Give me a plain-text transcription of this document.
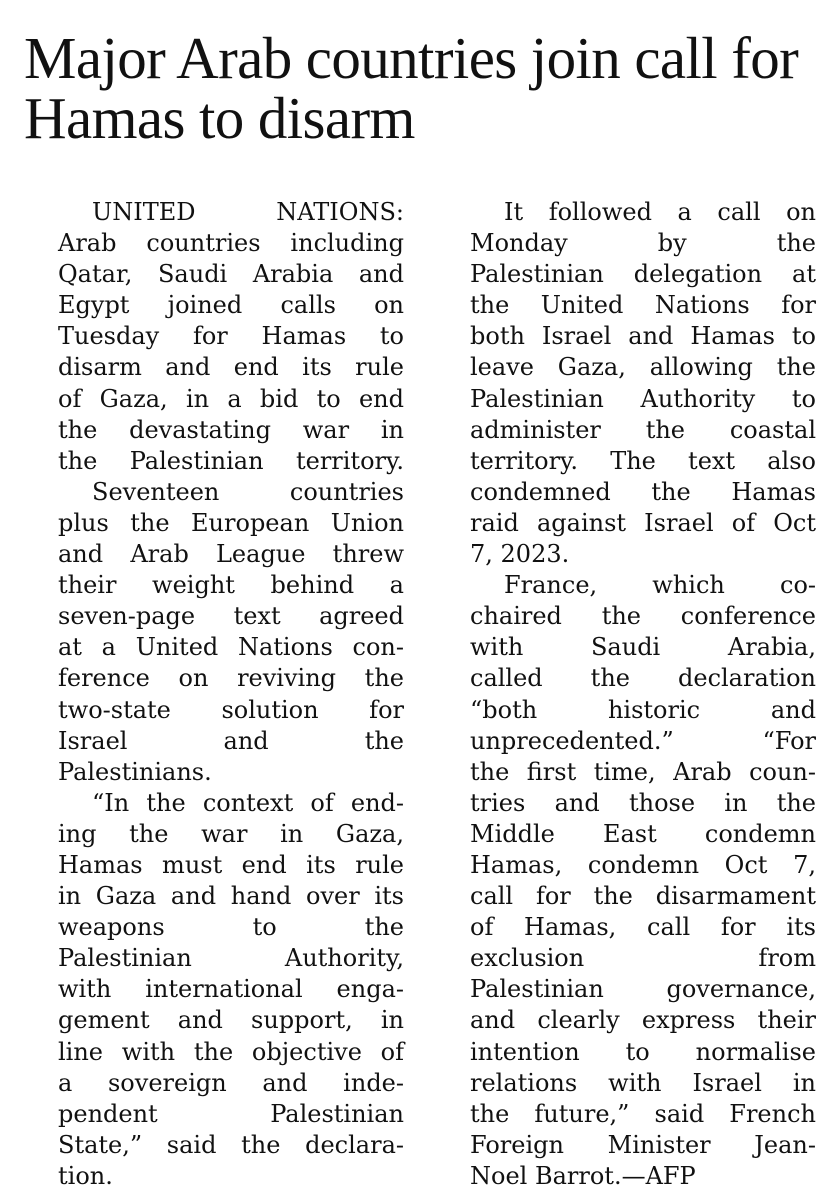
Major Arab countries join call for Hamas to disarm

UNITED NATIONS:
Arab countries including
Qatar, Saudi Arabia and
Egypt joined calls on
Tuesday for Hamas to
disarm and end its rule
of Gaza, in a bid to end
the devastating war in
the Palestinian territory.

Seventeen countries
plus the European Union
and Arab League threw
their weight behind a
seven-page text agreed
at a United Nations con-
ference on reviving the
two-state solution for
Israel and the
Palestinians.

“In the context of end-
ing the war in Gaza,
Hamas must end its rule
in Gaza and hand over its
weapons to the
Palestinian Authority,
with international enga-
gement and support, in
line with the objective of
a sovereign and inde-
pendent Palestinian
State,” said the declara-
tion.

It followed a call on
Monday by the
Palestinian delegation at
the United Nations for
both Israel and Hamas to
leave Gaza, allowing the
Palestinian Authority to
administer the coastal
territory. The text also
condemned the Hamas
raid against Israel of Oct
7, 2023.

France, which co-
chaired the conference
with Saudi Arabia,
called the declaration
“both historic and
unprecedented.” “For
the first time, Arab coun-
tries and those in the
Middle East condemn
Hamas, condemn Oct 7,
call for the disarmament
of Hamas, call for its
exclusion from
Palestinian governance,
and clearly express their
intention to normalise
relations with Israel in
the future,” said French
Foreign Minister Jean-
Noel Barrot.—AFP
